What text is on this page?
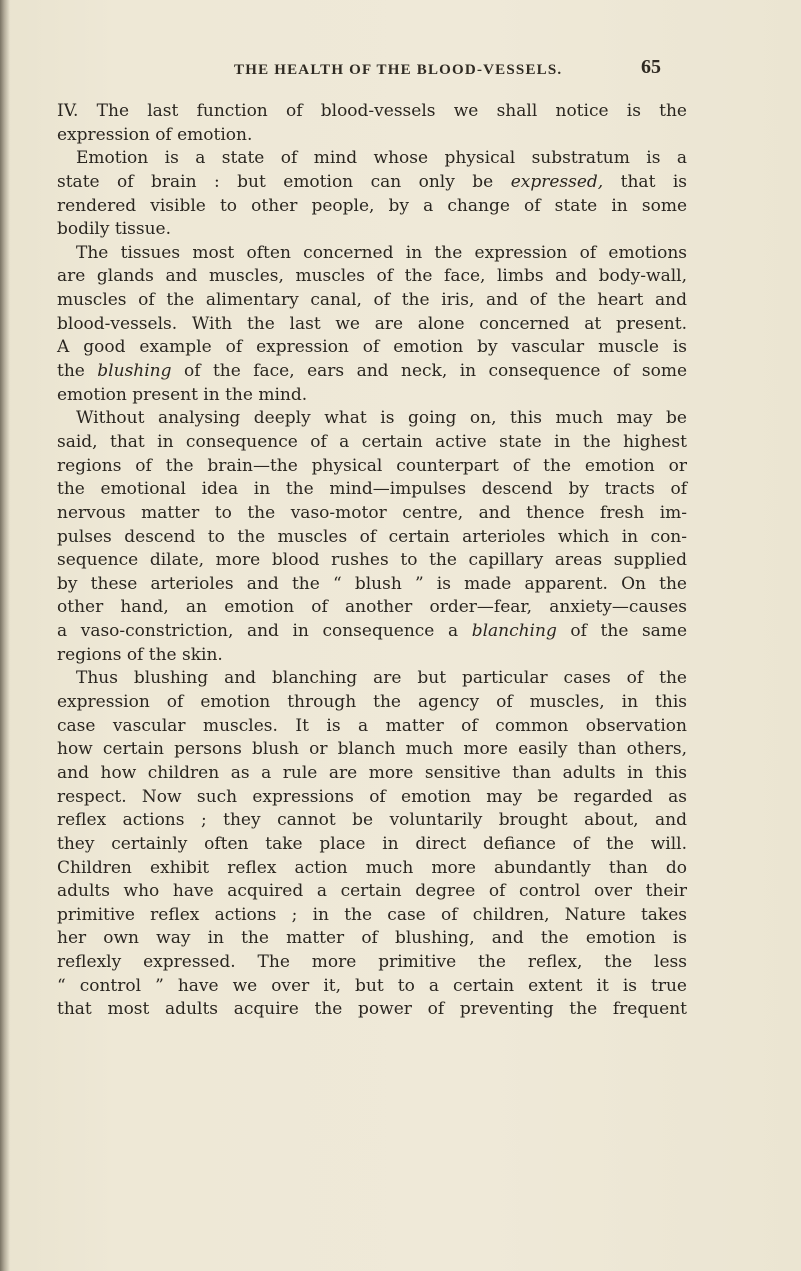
THE HEALTH OF THE BLOOD-VESSELS.	65
IV. The last function of blood-vessels we shall notice is the
expression of emotion.
Emotion is a state of mind whose physical substratum is a
state of brain : but emotion can only be expressed, that is
rendered visible to other people, by a change of state in some
bodily tissue.
The tissues most often concerned in the expression of emotions
are glands and muscles, muscles of the face, limbs and body-wall,
muscles of the alimentary canal, of the iris, and of the heart and
blood-vessels. With the last we are alone concerned at present.
A good example of expression of emotion by vascular muscle is
the blushing of the face, ears and neck, in consequence of some
emotion present in the mind.
Without analysing deeply what is going on, this much may be
said, that in consequence of a certain active state in the highest
regions of the brain—the physical counterpart of the emotion or
the emotional idea in the mind—impulses descend by tracts of
nervous matter to the vaso-motor centre, and thence fresh im-
pulses descend to the muscles of certain arterioles which in con-
sequence dilate, more blood rushes to the capillary areas supplied
by these arterioles and the “ blush ” is made apparent. On the
other hand, an emotion of another order—fear, anxiety—causes
a vaso-constriction, and in consequence a blanching of the same
regions of the skin.
Thus blushing and blanching are but particular cases of the
expression of emotion through the agency of muscles, in this
case vascular muscles. It is a matter of common observation
how certain persons blush or blanch much more easily than others,
and how children as a rule are more sensitive than adults in this
respect. Now such expressions of emotion may be regarded as
reflex actions ; they cannot be voluntarily brought about, and
they certainly often take place in direct defiance of the will.
Children exhibit reflex action much more abundantly than do
adults who have acquired a certain degree of control over their
primitive reflex actions ; in the case of children, Nature takes
her own way in the matter of blushing, and the emotion is
reflexly expressed. The more primitive the reflex, the less
“ control ” have we over it, but to a certain extent it is true
that most adults acquire the power of preventing the frequent
